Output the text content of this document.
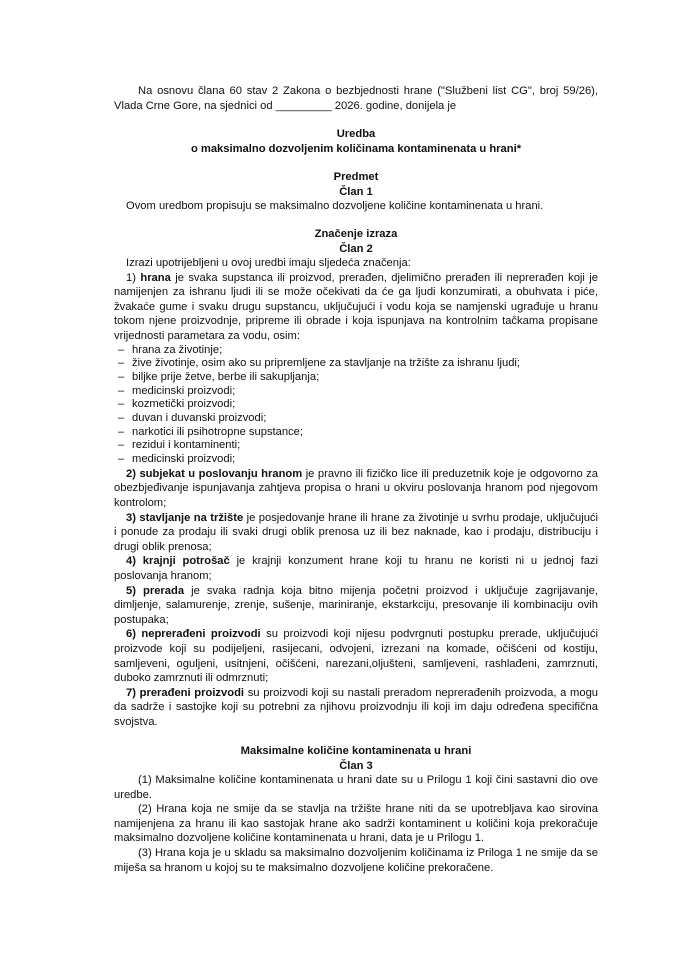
Na osnovu člana 60 stav 2 Zakona o bezbjednosti hrane ("Službeni list CG", broj 59/26), Vlada Crne Gore, na sjednici od _________ 2026. godine, donijela je

Uredba
o maksimalno dozvoljenim količinama kontaminenata u hrani*
Predmet
Član 1

Ovom uredbom propisuju se maksimalno dozvoljene količine kontaminenata u hrani.

Značenje izraza
Član 2

Izrazi upotrijebljeni u ovoj uredbi imaju sljedeća značenja:

1) hrana je svaka supstanca ili proizvod, prerađen, djelimično prerađen ili neprerađen koji je namijenjen za ishranu ljudi ili se može očekivati da će ga ljudi konzumirati, a obuhvata i piće, žvakaće gume i svaku drugu supstancu, uključujući i vodu koja se namjenski ugrađuje u hranu tokom njene proizvodnje, pripreme ili obrade i koja ispunjava na kontrolnim tačkama propisane vrijednosti parametara za vodu, osim:

– hrana za životinje;
– žive životinje, osim ako su pripremljene za stavljanje na tržište za ishranu ljudi;
– biljke prije žetve, berbe ili sakupljanja;
– medicinski proizvodi;
– kozmetički proizvodi;
– duvan i duvanski proizvodi;
– narkotici ili psihotropne supstance;
– rezidui i kontaminenti;
– medicinski proizvodi;

2) subjekat u poslovanju hranom je pravno ili fizičko lice ili preduzetnik koje je odgovorno za obezbjeđivanje ispunjavanja zahtjeva propisa o hrani u okviru poslovanja hranom pod njegovom kontrolom;

3) stavljanje na tržište je posjedovanje hrane ili hrane za životinje u svrhu prodaje, uključujući i ponude za prodaju ili svaki drugi oblik prenosa uz ili bez naknade, kao i prodaju, distribuciju i drugi oblik prenosa;

4) krajnji potrošač je krajnji konzument hrane koji tu hranu ne koristi ni u jednoj fazi poslovanja hranom;

5) prerada je svaka radnja koja bitno mijenja početni proizvod i uključuje zagrijavanje, dimljenje, salamurenje, zrenje, sušenje, mariniranje, ekstarkciju, presovanje ili kombinaciju ovih postupaka;

6) neprerađeni proizvodi su proizvodi koji nijesu podvrgnuti postupku prerade, uključujući proizvode koji su podijeljeni, rasijecani, odvojeni, izrezani na komade, očišćeni od kostiju, samljeveni, oguljeni, usitnjeni, očišćeni, narezani,oljušteni, samljeveni, rashlađeni, zamrznuti, duboko zamrznuti ili odmrznuti;

7) prerađeni proizvodi su proizvodi koji su nastali preradom neprerađenih proizvoda, a mogu da sadrže i sastojke koji su potrebni za njihovu proizvodnju ili koji im daju određena specifična svojstva.

Maksimalne količine kontaminenata u hrani
Član 3

(1) Maksimalne količine kontaminenata u hrani date su u Prilogu 1 koji čini sastavni dio ove uredbe.

(2) Hrana koja ne smije da se stavlja na tržište hrane niti da se upotrebljava kao sirovina namijenjena za hranu ili kao sastojak hrane ako sadrži kontaminent u količini koja prekoračuje maksimalno dozvoljene količine kontaminenata u hrani, data je u Prilogu 1.

(3) Hrana koja je u skladu sa maksimalno dozvoljenim količinama iz Priloga 1 ne smije da se miješa sa hranom u kojoj su te maksimalno dozvoljene količine prekoračene.
